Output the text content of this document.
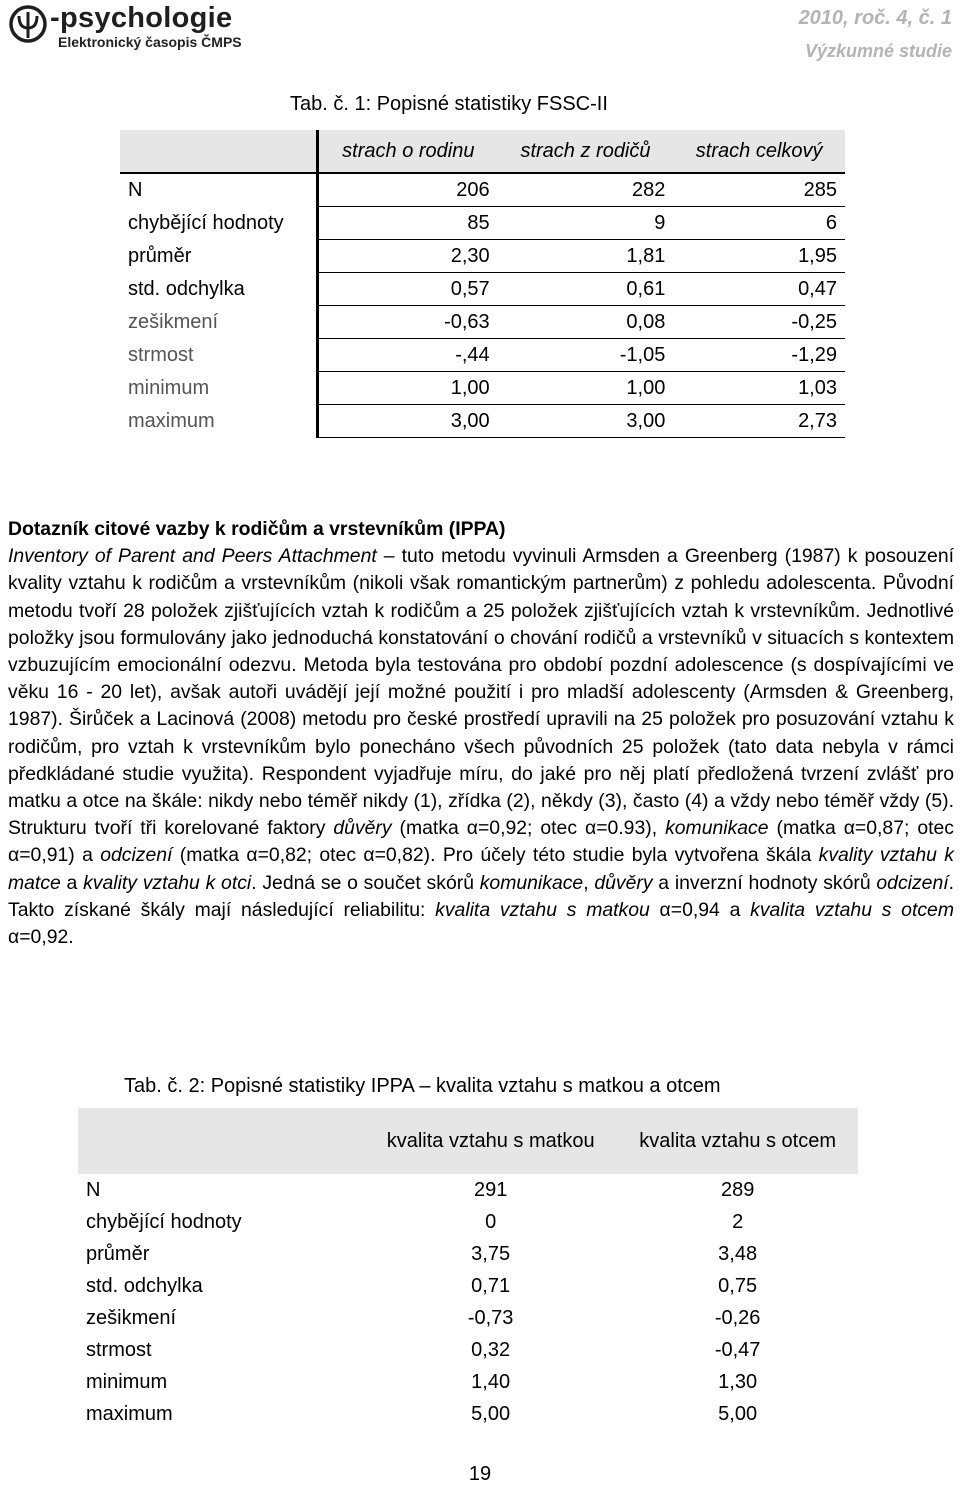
-psychologie
Elektronický časopis ČMPS
2010, roč. 4, č. 1
Výzkumné studie
Tab. č. 1: Popisné statistiky FSSC-II
	strach o rodinu	strach z rodičů	strach celkový
N	206	282	285
chybějící hodnoty	85	9	6
průměr	2,30	1,81	1,95
std. odchylka	0,57	0,61	0,47
zešikmení	-0,63	0,08	-0,25
strmost	-,44	-1,05	-1,29
minimum	1,00	1,00	1,03
maximum	3,00	3,00	2,73
Dotazník citové vazby k rodičům a vrstevníkům (IPPA)

Inventory of Parent and Peers Attachment – tuto metodu vyvinuli Armsden a Greenberg (1987) k posouzení kvality vztahu k rodičům a vrstevníkům (nikoli však romantickým partnerům) z pohledu adolescenta. Původní metodu tvoří 28 položek zjišťujících vztah k rodičům a 25 položek zjišťujících vztah k vrstevníkům. Jednotlivé položky jsou formulovány jako jednoduchá konstatování o chování rodičů a vrstevníků v situacích s kontextem vzbuzujícím emocionální odezvu. Metoda byla testována pro období pozdní adolescence (s dospívajícími ve věku 16 - 20 let), avšak autoři uvádějí její možné použití i pro mladší adolescenty (Armsden & Greenberg, 1987). Širůček a Lacinová (2008) metodu pro české prostředí upravili na 25 položek pro posuzování vztahu k rodičům, pro vztah k vrstevníkům bylo ponecháno všech původních 25 položek (tato data nebyla v rámci předkládané studie využita). Respondent vyjadřuje míru, do jaké pro něj platí předložená tvrzení zvlášť pro matku a otce na škále: nikdy nebo téměř nikdy (1), zřídka (2), někdy (3), často (4) a vždy nebo téměř vždy (5). Strukturu tvoří tři korelované faktory důvěry (matka α=0,92; otec α=0.93), komunikace (matka α=0,87; otec α=0,91) a odcizení (matka α=0,82; otec α=0,82). Pro účely této studie byla vytvořena škála kvality vztahu k matce a kvality vztahu k otci. Jedná se o součet skórů komunikace, důvěry a inverzní hodnoty skórů odcizení. Takto získané škály mají následující reliabilitu: kvalita vztahu s matkou α=0,94 a kvalita vztahu s otcem α=0,92.

Tab. č. 2: Popisné statistiky IPPA – kvalita vztahu s matkou a otcem
	kvalita vztahu s matkou	kvalita vztahu s otcem
N	291	289
chybějící hodnoty	0	2
průměr	3,75	3,48
std. odchylka	0,71	0,75
zešikmení	-0,73	-0,26
strmost	0,32	-0,47
minimum	1,40	1,30
maximum	5,00	5,00
19
